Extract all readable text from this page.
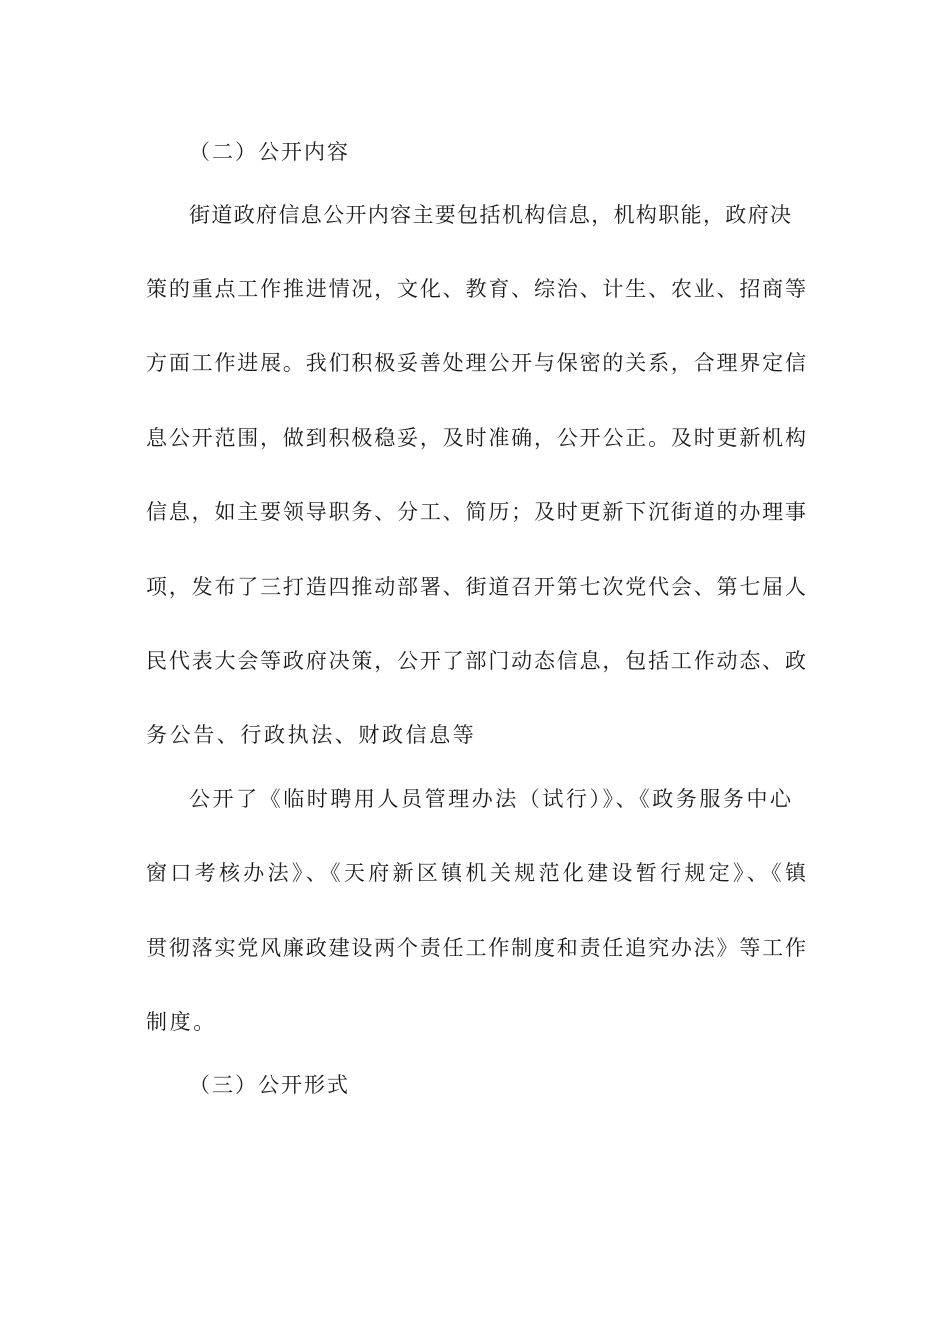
（二）公开内容
街道政府信息公开内容主要包括机构信息，机构职能，政府决
策的重点工作推进情况，文化、教育、综治、计生、农业、招商等
方面工作进展。我们积极妥善处理公开与保密的关系，合理界定信
息公开范围，做到积极稳妥，及时准确，公开公正。及时更新机构
信息，如主要领导职务、分工、简历；及时更新下沉街道的办理事
项，发布了三打造四推动部署、街道召开第七次党代会、第七届人
民代表大会等政府决策，公开了部门动态信息，包括工作动态、政
务公告、行政执法、财政信息等
公开了《临时聘用人员管理办法（试行）》、《政务服务中心
窗口考核办法》、《天府新区镇机关规范化建设暂行规定》、《镇
贯彻落实党风廉政建设两个责任工作制度和责任追究办法》等工作
制度。
（三）公开形式
